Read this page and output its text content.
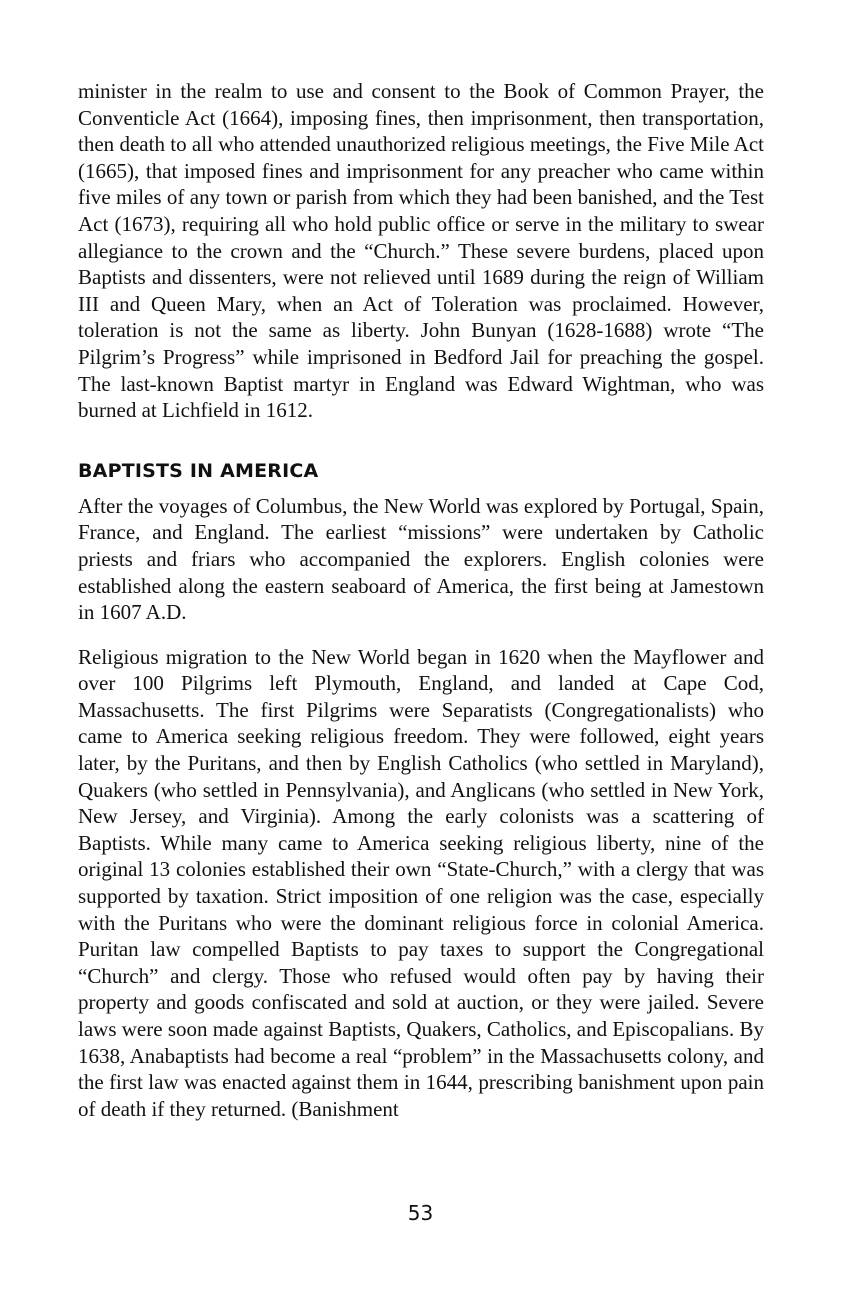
minister in the realm to use and consent to the Book of Common Prayer, the Conventicle Act (1664), imposing fines, then imprisonment, then transportation, then death to all who attended unauthorized religious meetings, the Five Mile Act (1665), that imposed fines and imprisonment for any preacher who came within five miles of any town or parish from which they had been banished, and the Test Act (1673), requiring all who hold public office or serve in the military to swear allegiance to the crown and the “Church.” These severe burdens, placed upon Baptists and dissenters, were not relieved until 1689 during the reign of William III and Queen Mary, when an Act of Toleration was proclaimed. However, toleration is not the same as liberty. John Bunyan (1628-1688) wrote “The Pilgrim’s Progress” while imprisoned in Bedford Jail for preaching the gospel. The last-known Baptist martyr in England was Edward Wightman, who was burned at Lichfield in 1612.

BAPTISTS IN AMERICA

After the voyages of Columbus, the New World was explored by Portugal, Spain, France, and England. The earliest “missions” were undertaken by Catholic priests and friars who accompanied the explorers. English colonies were established along the eastern seaboard of America, the first being at Jamestown in 1607 A.D.

Religious migration to the New World began in 1620 when the Mayflower and over 100 Pilgrims left Plymouth, England, and landed at Cape Cod, Massachusetts. The first Pilgrims were Separatists (Congregationalists) who came to America seeking religious freedom. They were followed, eight years later, by the Puritans, and then by English Catholics (who settled in Maryland), Quakers (who settled in Pennsylvania), and Anglicans (who settled in New York, New Jersey, and Virginia). Among the early colonists was a scattering of Baptists. While many came to America seeking religious liberty, nine of the original 13 colonies established their own “State-Church,” with a clergy that was supported by taxation. Strict imposition of one religion was the case, especially with the Puritans who were the dominant religious force in colonial America. Puritan law compelled Baptists to pay taxes to support the Congregational “Church” and clergy. Those who refused would often pay by having their property and goods confiscated and sold at auction, or they were jailed. Severe laws were soon made against Baptists, Quakers, Catholics, and Episcopalians. By 1638, Anabaptists had become a real “problem” in the Massachusetts colony, and the first law was enacted against them in 1644, prescribing banishment upon pain of death if they returned. (Banishment

53
